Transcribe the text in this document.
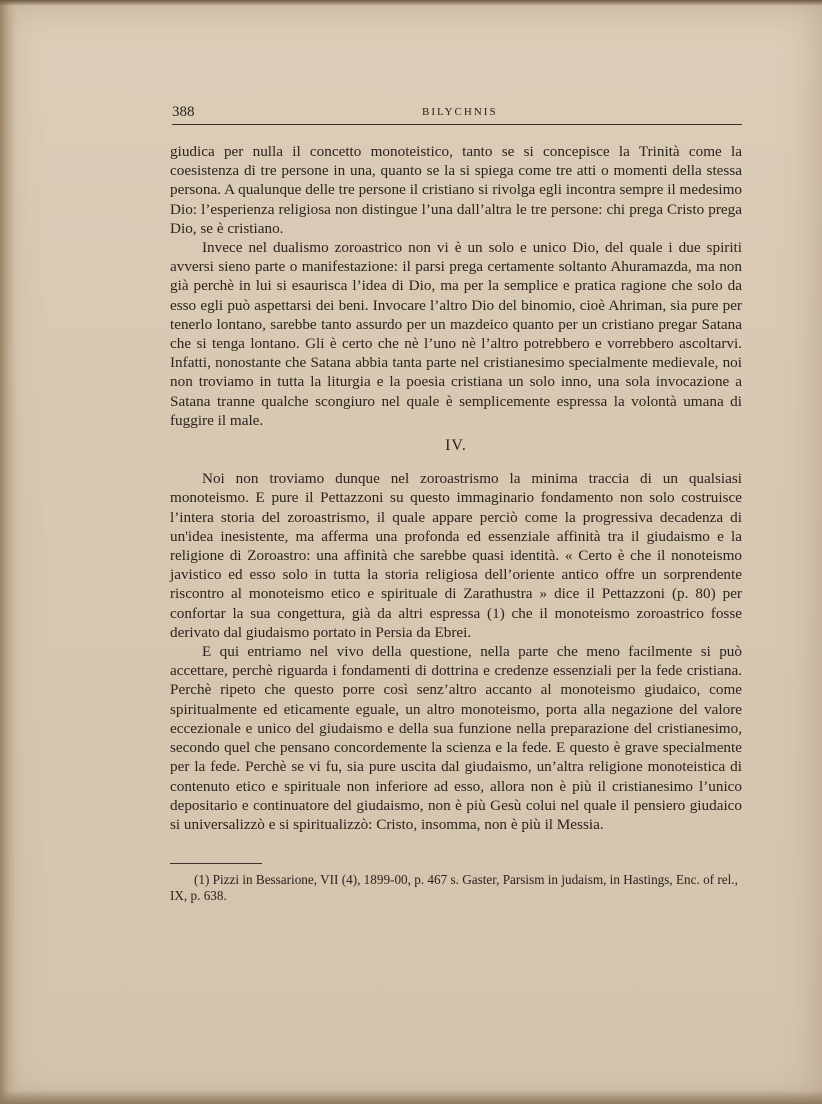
388	BILYCHNIS

giudica per nulla il concetto monoteistico, tanto se si concepisce la Trinità come la coesistenza di tre persone in una, quanto se la si spiega come tre atti o momenti della stessa persona. A qualunque delle tre persone il cristiano si rivolga egli incontra sempre il medesimo Dio: l’esperienza religiosa non distingue l’una dall’altra le tre persone: chi prega Cristo prega Dio, se è cristiano.

Invece nel dualismo zoroastrico non vi è un solo e unico Dio, del quale i due spiriti avversi sieno parte o manifestazione: il parsi prega certamente soltanto Ahuramazda, ma non già perchè in lui si esaurisca l’idea di Dio, ma per la semplice e pratica ragione che solo da esso egli può aspettarsi dei beni. Invocare l’altro Dio del binomio, cioè Ahriman, sia pure per tenerlo lontano, sarebbe tanto assurdo per un mazdeico quanto per un cristiano pregar Satana che si tenga lontano. Gli è certo che nè l’uno nè l’altro potrebbero e vorrebbero ascoltarvi. Infatti, nonostante che Satana abbia tanta parte nel cristianesimo specialmente medievale, noi non troviamo in tutta la liturgia e la poesia cristiana un solo inno, una sola invocazione a Satana tranne qualche scongiuro nel quale è semplicemente espressa la volontà umana di fuggire il male.

IV.

Noi non troviamo dunque nel zoroastrismo la minima traccia di un qualsiasi monoteismo. E pure il Pettazzoni su questo immaginario fondamento non solo costruisce l’intera storia del zoroastrismo, il quale appare perciò come la progressiva decadenza di un'idea inesistente, ma afferma una profonda ed essenziale affinità tra il giudaismo e la religione di Zoroastro: una affinità che sarebbe quasi identità. « Certo è che il nonoteismo javistico ed esso solo in tutta la storia religiosa dell’oriente antico offre un sorprendente riscontro al monoteismo etico e spirituale di Zarathustra » dice il Pettazzoni (p. 80) per confortar la sua congettura, già da altri espressa (1) che il monoteismo zoroastrico fosse derivato dal giudaismo portato in Persia da Ebrei.

E qui entriamo nel vivo della questione, nella parte che meno facilmente si può accettare, perchè riguarda i fondamenti di dottrina e credenze essenziali per la fede cristiana. Perchè ripeto che questo porre così senz’altro accanto al monoteismo giudaico, come spiritualmente ed eticamente eguale, un altro monoteismo, porta alla negazione del valore eccezionale e unico del giudaismo e della sua funzione nella preparazione del cristianesimo, secondo quel che pensano concordemente la scienza e la fede. E questo è grave specialmente per la fede. Perchè se vi fu, sia pure uscita dal giudaismo, un’altra religione monoteistica di contenuto etico e spirituale non inferiore ad esso, allora non è più il cristianesimo l’unico depositario e continuatore del giudaismo, non è più Gesù colui nel quale il pensiero giudaico si universalizzò e si spiritualizzò: Cristo, insomma, non è più il Messia.

(1) Pizzi in Bessarione, VII (4), 1899-00, p. 467 s. Gaster, Parsism in judaism, in Hastings, Enc. of rel., IX, p. 638.
